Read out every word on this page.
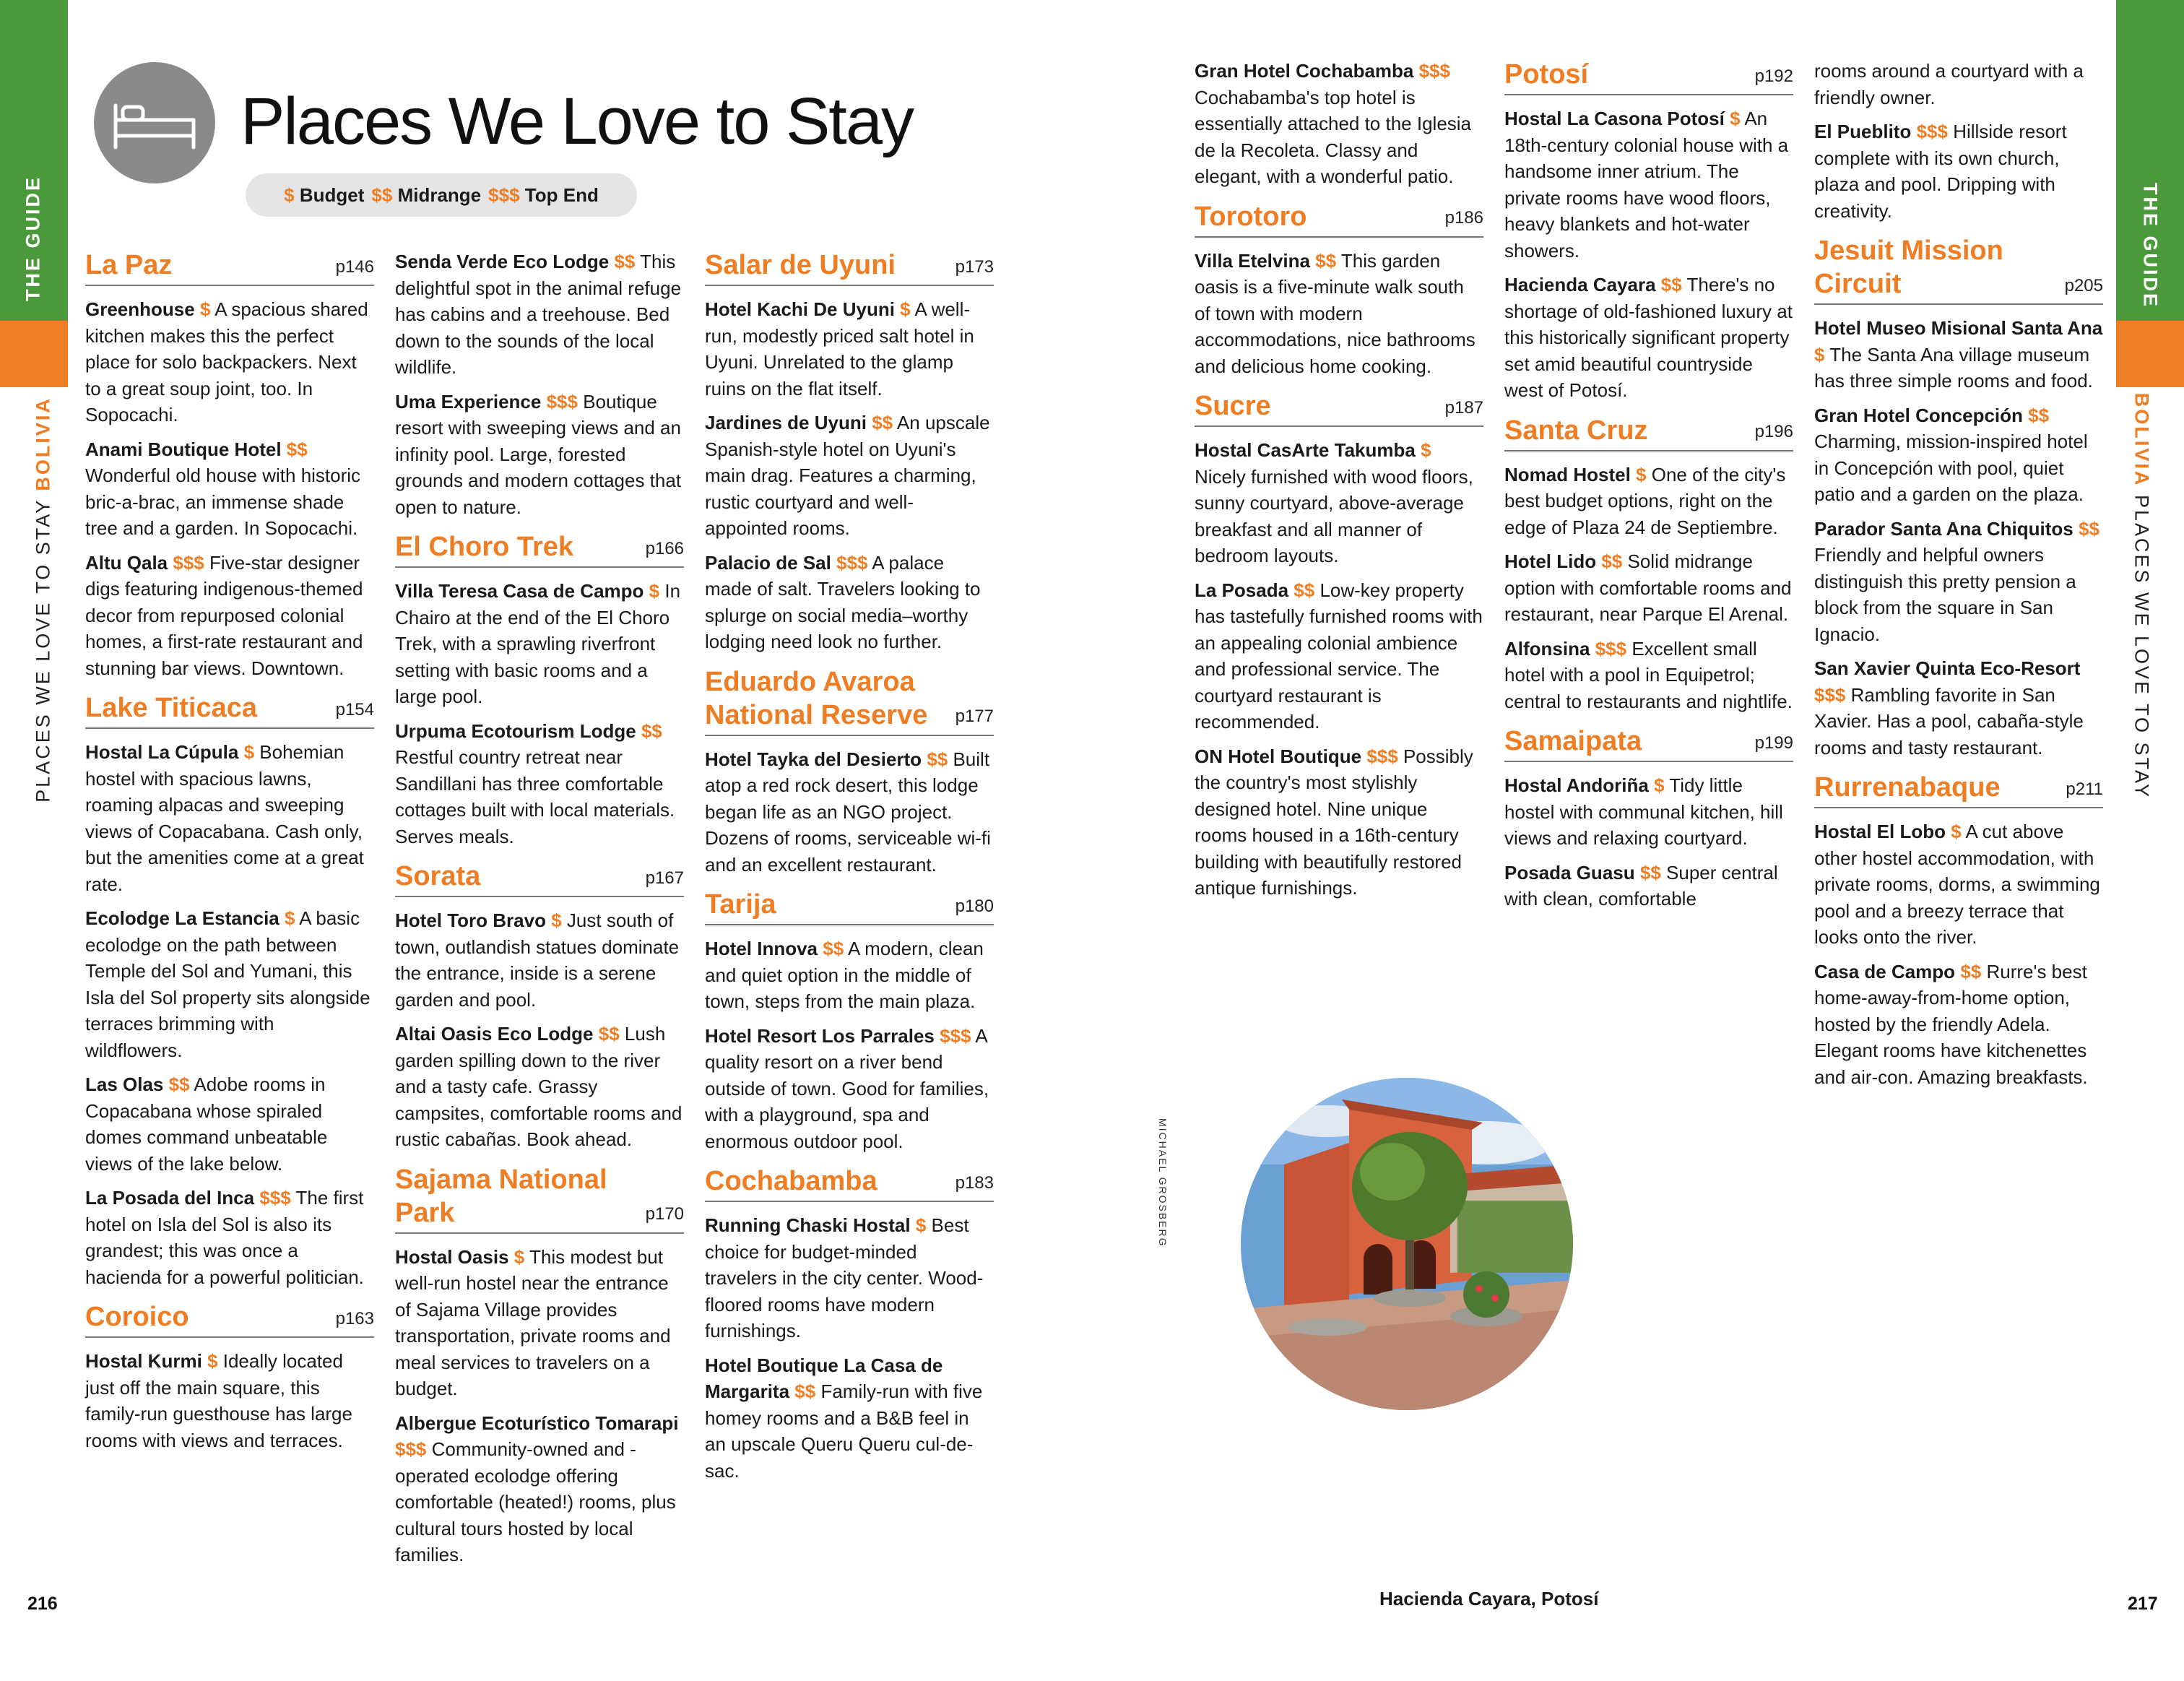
THE GUIDE
PLACES WE LOVE TO STAY BOLIVIA
216
THE GUIDE
BOLIVIA PLACES WE LOVE TO STAY
217
Places We Love to Stay
$ Budget $$ Midrange $$$ Top End
La Paz	p146

Greenhouse $ A spacious shared kitchen makes this the perfect place for solo backpackers. Next to a great soup joint, too. In Sopocachi.

Anami Boutique Hotel $$ Wonderful old house with historic bric-a-brac, an immense shade tree and a garden. In Sopocachi.

Altu Qala $$$ Five-star designer digs featuring indigenous-themed decor from repurposed colonial homes, a first-rate restaurant and stunning bar views. Downtown.

Lake Titicaca	p154

Hostal La Cúpula $ Bohemian hostel with spacious lawns, roaming alpacas and sweeping views of Copacabana. Cash only, but the amenities come at a great rate.

Ecolodge La Estancia $ A basic ecolodge on the path between Temple del Sol and Yumani, this Isla del Sol property sits alongside terraces brimming with wildflowers.

Las Olas $$ Adobe rooms in Copacabana whose spiraled domes command unbeatable views of the lake below.

La Posada del Inca $$$ The first hotel on Isla del Sol is also its grandest; this was once a hacienda for a powerful politician.

Coroico	p163

Hostal Kurmi $ Ideally located just off the main square, this family-run guesthouse has large rooms with views and terraces.

Senda Verde Eco Lodge $$ This delightful spot in the animal refuge has cabins and a treehouse. Bed down to the sounds of the local wildlife.

Uma Experience $$$ Boutique resort with sweeping views and an infinity pool. Large, forested grounds and modern cottages that open to nature.

El Choro Trek	p166

Villa Teresa Casa de Campo $ In Chairo at the end of the El Choro Trek, with a sprawling riverfront setting with basic rooms and a large pool.

Urpuma Ecotourism Lodge $$ Restful country retreat near Sandillani has three comfortable cottages built with local materials. Serves meals.

Sorata	p167

Hotel Toro Bravo $ Just south of town, outlandish statues dominate the entrance, inside is a serene garden and pool.

Altai Oasis Eco Lodge $$ Lush garden spilling down to the river and a tasty cafe. Grassy campsites, comfortable rooms and rustic cabañas. Book ahead.

Sajama National Park	p170

Hostal Oasis $ This modest but well-run hostel near the entrance of Sajama Village provides transportation, private rooms and meal services to travelers on a budget.

Albergue Ecoturístico Tomarapi $$$ Community-owned and -operated ecolodge offering comfortable (heated!) rooms, plus cultural tours hosted by local families.

Salar de Uyuni	p173

Hotel Kachi De Uyuni $ A well-run, modestly priced salt hotel in Uyuni. Unrelated to the glamp ruins on the flat itself.

Jardines de Uyuni $$ An upscale Spanish-style hotel on Uyuni's main drag. Features a charming, rustic courtyard and well-appointed rooms.

Palacio de Sal $$$ A palace made of salt. Travelers looking to splurge on social media–worthy lodging need look no further.

Eduardo Avaroa National Reserve	p177

Hotel Tayka del Desierto $$ Built atop a red rock desert, this lodge began life as an NGO project. Dozens of rooms, serviceable wi-fi and an excellent restaurant.

Tarija	p180

Hotel Innova $$ A modern, clean and quiet option in the middle of town, steps from the main plaza.

Hotel Resort Los Parrales $$$ A quality resort on a river bend outside of town. Good for families, with a playground, spa and enormous outdoor pool.

Cochabamba	p183

Running Chaski Hostal $ Best choice for budget-minded travelers in the city center. Wood-floored rooms have modern furnishings.

Hotel Boutique La Casa de Margarita $$ Family-run with five homey rooms and a B&B feel in an upscale Queru Queru cul-de-sac.

Gran Hotel Cochabamba $$$ Cochabamba's top hotel is essentially attached to the Iglesia de la Recoleta. Classy and elegant, with a wonderful patio.

Torotoro	p186

Villa Etelvina $$ This garden oasis is a five-minute walk south of town with modern accommodations, nice bathrooms and delicious home cooking.

Sucre	p187

Hostal CasArte Takumba $ Nicely furnished with wood floors, sunny courtyard, above-average breakfast and all manner of bedroom layouts.

La Posada $$ Low-key property has tastefully furnished rooms with an appealing colonial ambience and professional service. The courtyard restaurant is recommended.

ON Hotel Boutique $$$ Possibly the country's most stylishly designed hotel. Nine unique rooms housed in a 16th-century building with beautifully restored antique furnishings.

Potosí	p192

Hostal La Casona Potosí $ An 18th-century colonial house with a handsome inner atrium. The private rooms have wood floors, heavy blankets and hot-water showers.

Hacienda Cayara $$ There's no shortage of old-fashioned luxury at this historically significant property set amid beautiful countryside west of Potosí.

Santa Cruz	p196

Nomad Hostel $ One of the city's best budget options, right on the edge of Plaza 24 de Septiembre.

Hotel Lido $$ Solid midrange option with comfortable rooms and restaurant, near Parque El Arenal.

Alfonsina $$$ Excellent small hotel with a pool in Equipetrol; central to restaurants and nightlife.

Samaipata	p199

Hostal Andoriña $ Tidy little hostel with communal kitchen, hill views and relaxing courtyard.

Posada Guasu $$ Super central with clean, comfortable

rooms around a courtyard with a friendly owner.

El Pueblito $$$ Hillside resort complete with its own church, plaza and pool. Dripping with creativity.

Jesuit Mission Circuit	p205

Hotel Museo Misional Santa Ana $ The Santa Ana village museum has three simple rooms and food.

Gran Hotel Concepción $$ Charming, mission-inspired hotel in Concepción with pool, quiet patio and a garden on the plaza.

Parador Santa Ana Chiquitos $$ Friendly and helpful owners distinguish this pretty pension a block from the square in San Ignacio.

San Xavier Quinta Eco-Resort $$$ Rambling favorite in San Xavier. Has a pool, cabaña-style rooms and tasty restaurant.

Rurrenabaque	p211

Hostal El Lobo $ A cut above other hostel accommodation, with private rooms, dorms, a swimming pool and a breezy terrace that looks onto the river.

Casa de Campo $$ Rurre's best home-away-from-home option, hosted by the friendly Adela. Elegant rooms have kitchenettes and air-con. Amazing breakfasts.

MICHAEL GROSBERG
Hacienda Cayara, Potosí
